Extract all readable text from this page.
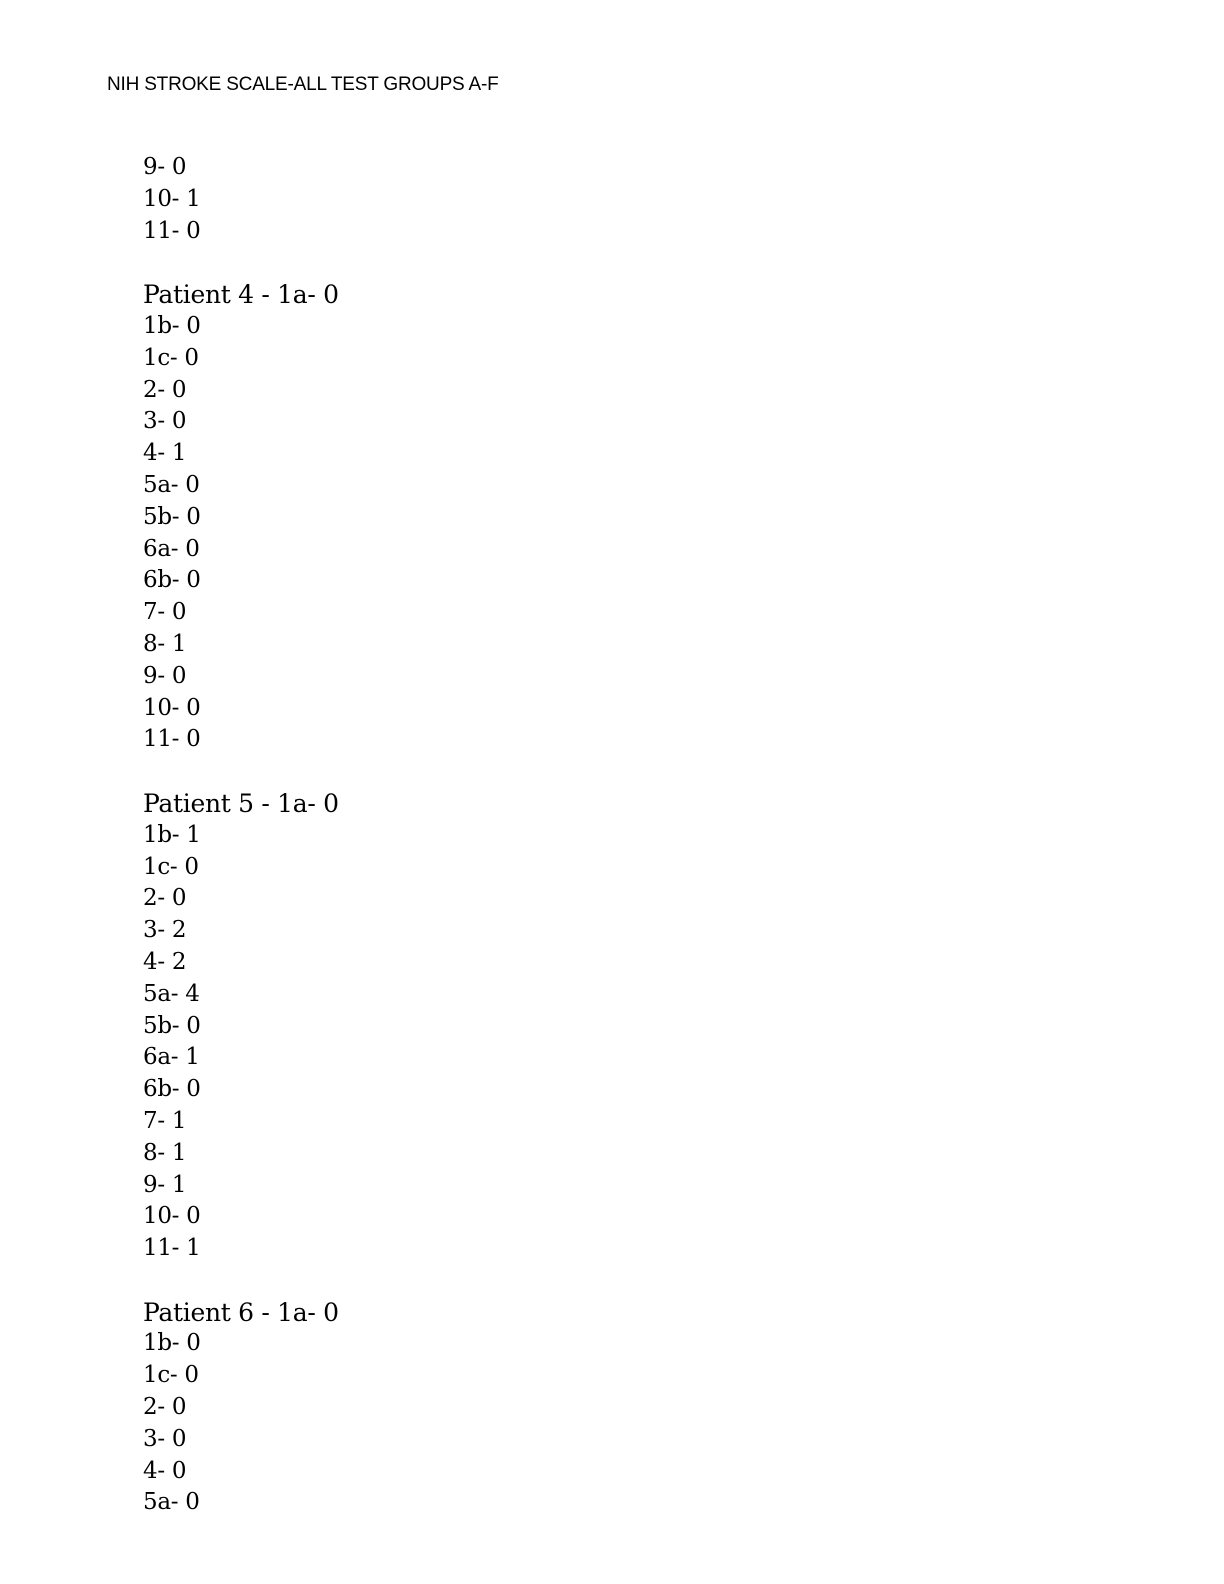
NIH STROKE SCALE-ALL TEST GROUPS A-F
9- 0
10- 1
11- 0
Patient 4 - 1a- 0
1b- 0
1c- 0
2- 0
3- 0
4- 1
5a- 0
5b- 0
6a- 0
6b- 0
7- 0
8- 1
9- 0
10- 0
11- 0
Patient 5 - 1a- 0
1b- 1
1c- 0
2- 0
3- 2
4- 2
5a- 4
5b- 0
6a- 1
6b- 0
7- 1
8- 1
9- 1
10- 0
11- 1
Patient 6 - 1a- 0
1b- 0
1c- 0
2- 0
3- 0
4- 0
5a- 0
